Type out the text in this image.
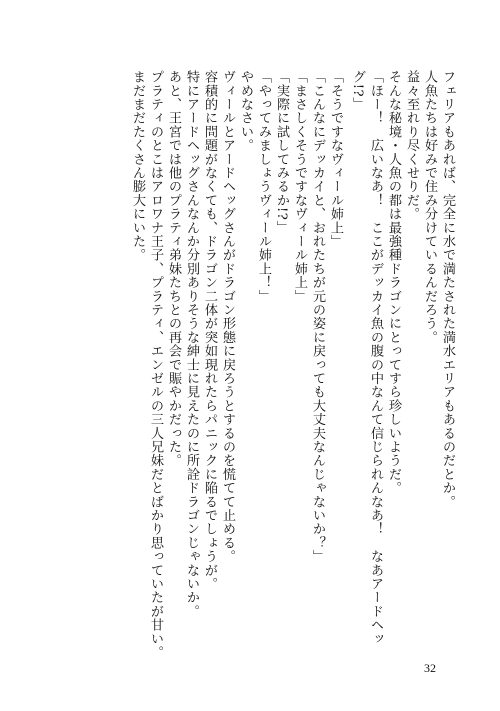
フェリアもあれば、完全に水で満たされた満水エリアもあるのだとか。
人魚たちは好みで住み分けているんだろう。
益々至れり尽くせりだ。
そんな秘境・人魚の都は最強種ドラゴンにとってすら珍しいようだ。
「ほー！　広いなあ！　ここがデッカイ魚の腹の中なんて信じられんなあ！　なあアードヘッ
グ!?」
「そうですなヴィール姉上」
「こんなにデッカイと、おれたちが元の姿に戻っても大丈夫なんじゃないか？」
「まさしくそうですなヴィール姉上」
「実際に試してみるか!?」
「やってみましょうヴィール姉上！」
やめなさい。
ヴィールとアードヘッグさんがドラゴン形態に戻ろうとするのを慌てて止める。
容積的に問題がなくても、ドラゴン二体が突如現れたらパニックに陥るでしょうが。
特にアードヘッグさんなんか分別ありそうな紳士に見えたのに所詮ドラゴンじゃないか。
あと、王宮では他のプラティ弟妹たちとの再会で賑やかだった。
プラティのとこはアロワナ王子、プラティ、エンゼルの三人兄妹だとばかり思っていたが甘い。
まだまだたくさん膨大にいた。
32
